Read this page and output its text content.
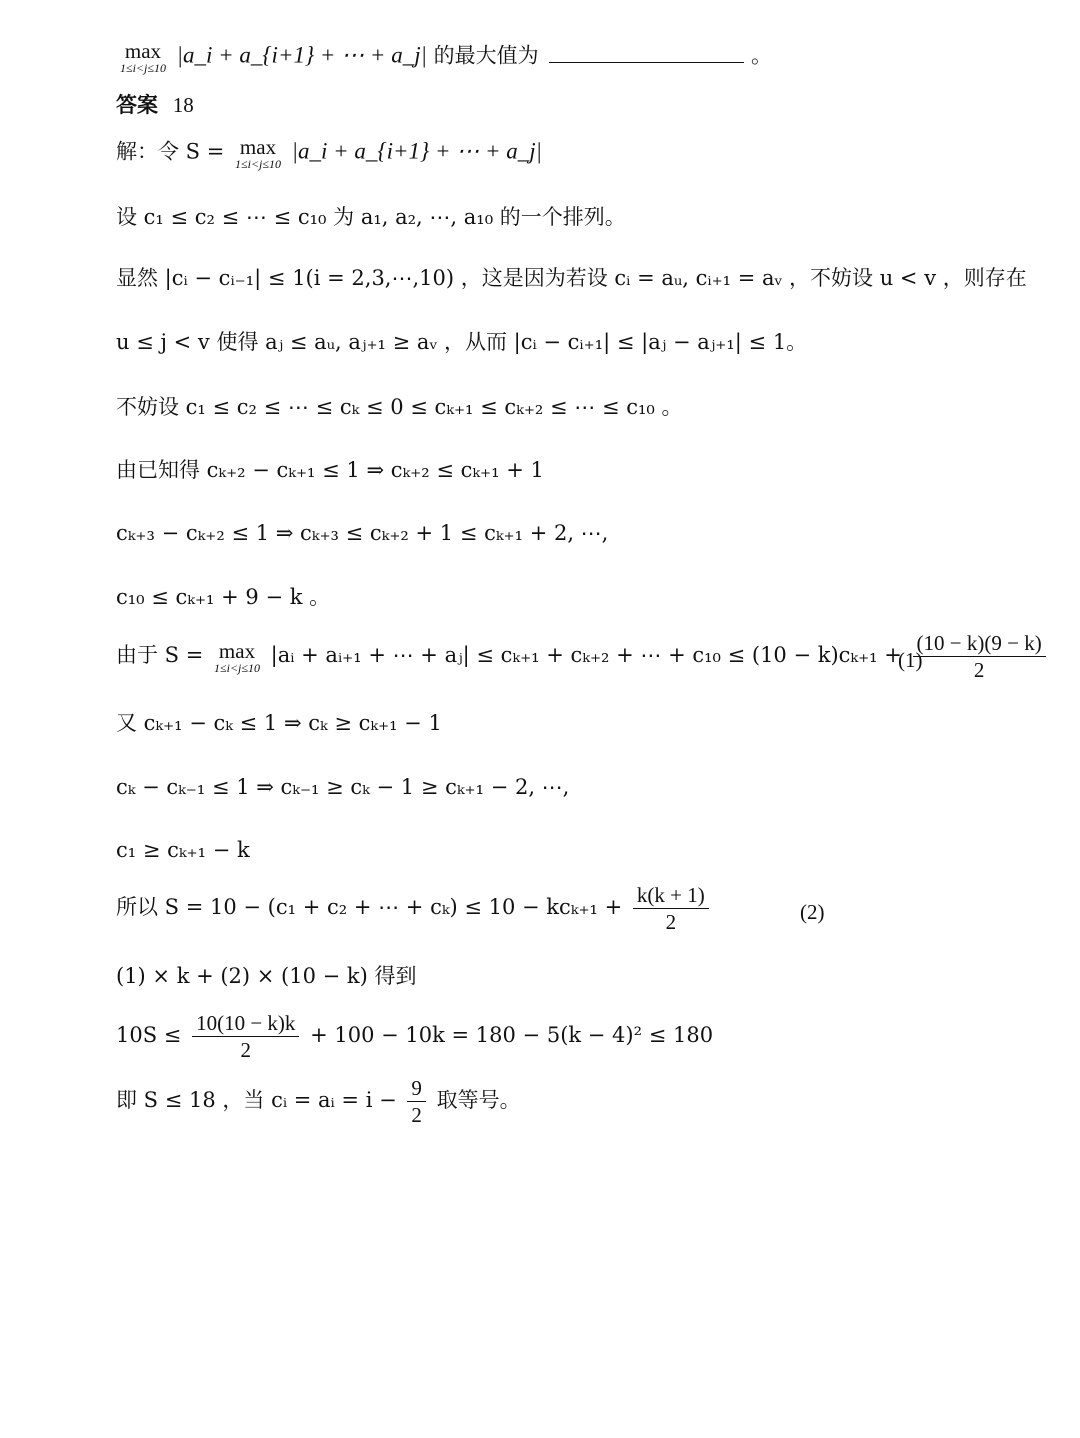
max
1≤i<j≤10
|a_i + a_{i+1} + ⋯ + a_j| 的最大值为	。
答案 18
解：令 S = max
1≤i<j≤10
|a_i + a_{i+1} + ⋯ + a_j|
设 c₁ ≤ c₂ ≤ ⋯ ≤ c₁₀ 为 a₁, a₂, ⋯, a₁₀ 的一个排列。
显然 |cᵢ − cᵢ₋₁| ≤ 1(i = 2,3,⋯,10) ，这是因为若设 cᵢ = aᵤ, cᵢ₊₁ = aᵥ ，不妨设 u < v ，则存在
u ≤ j < v 使得 aⱼ ≤ aᵤ, aⱼ₊₁ ≥ aᵥ ，从而 |cᵢ − cᵢ₊₁| ≤ |aⱼ − aⱼ₊₁| ≤ 1。
不妨设 c₁ ≤ c₂ ≤ ⋯ ≤ cₖ ≤ 0 ≤ cₖ₊₁ ≤ cₖ₊₂ ≤ ⋯ ≤ c₁₀ 。
由已知得 cₖ₊₂ − cₖ₊₁ ≤ 1 ⇒ cₖ₊₂ ≤ cₖ₊₁ + 1
cₖ₊₃ − cₖ₊₂ ≤ 1 ⇒ cₖ₊₃ ≤ cₖ₊₂ + 1 ≤ cₖ₊₁ + 2, ⋯,
c₁₀ ≤ cₖ₊₁ + 9 − k 。
由于 S = max
1≤i<j≤10
|aᵢ + aᵢ₊₁ + ⋯ + aⱼ| ≤ cₖ₊₁ + cₖ₊₂ + ⋯ + $c_{10} \le (10 - k)c_{k+1} + \frac{(10 - k)(9 - k)}{2}$
(1)
又 cₖ₊₁ − cₖ ≤ 1 ⇒ cₖ ≥ cₖ₊₁ − 1
cₖ − cₖ₋₁ ≤ 1 ⇒ cₖ₋₁ ≥ cₖ − 1 ≥ cₖ₊₁ − 2, ⋯,
c₁ ≥ cₖ₊₁ − k
所以 S = 10 − (c₁ + c₂ + ⋯ + $c_k) \le 10 - kc_{k+1} + \frac{k(k + 1)}{2}$	(2)
(1) × k + (2) × (10 − k) 得到
$10S \le \frac{10(10 - k)k}{2} + 100 - 10k = 180 - 5(k - 4)^2 \le 180$
即 S ≤ 18 ，当 cᵢ = aᵢ = $i - \frac{9}{2}$ 取等号。
